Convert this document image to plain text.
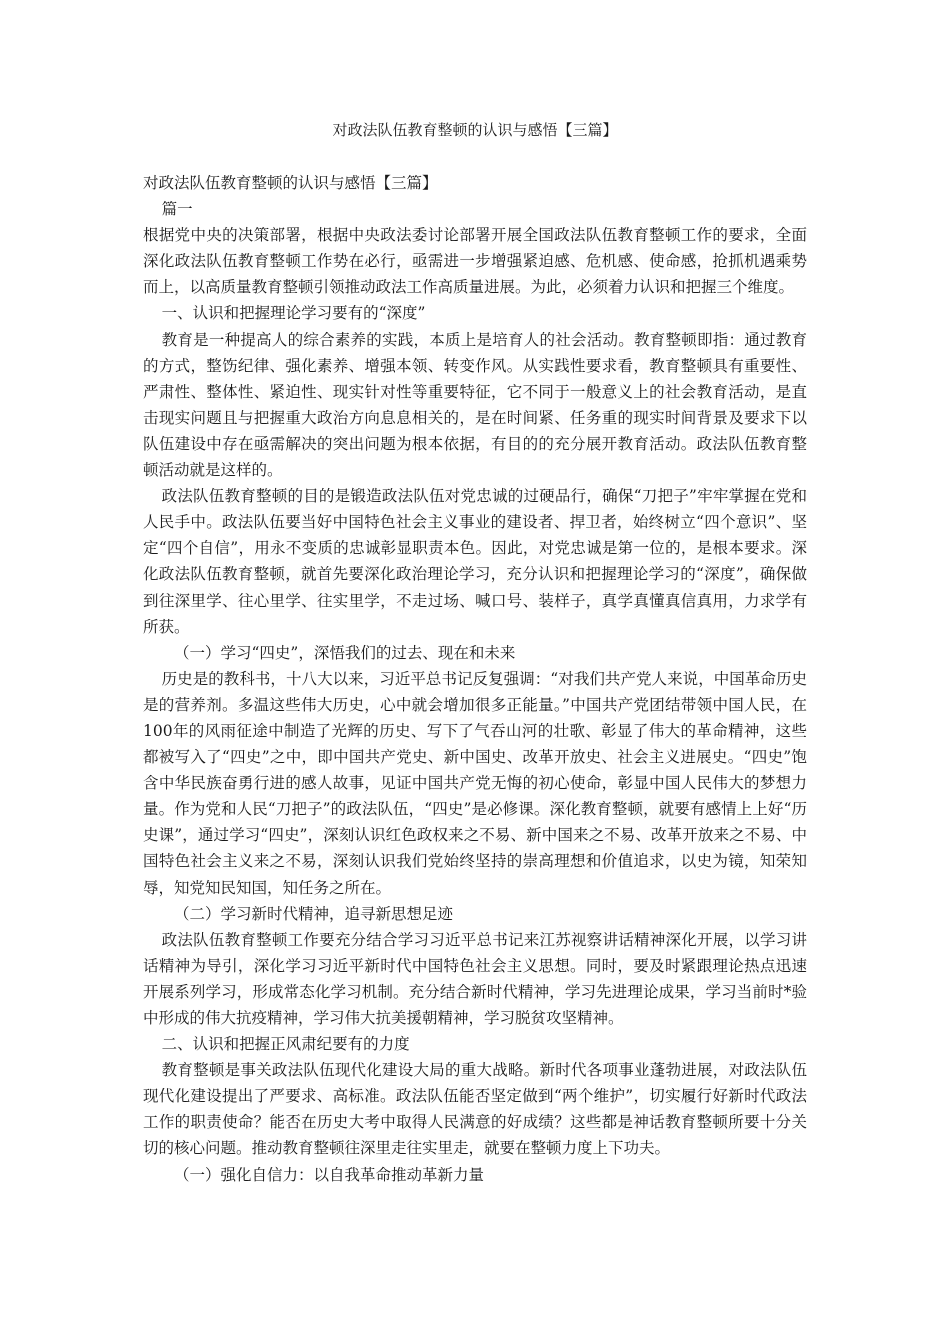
对政法队伍教育整顿的认识与感悟【三篇】

对政法队伍教育整顿的认识与感悟【三篇】

篇一

根据党中央的决策部署，根据中央政法委讨论部署开展全国政法队伍教育整顿工作的要求，全面深化政法队伍教育整顿工作势在必行，亟需进一步增强紧迫感、危机感、使命感，抢抓机遇乘势而上，以高质量教育整顿引领推动政法工作高质量进展。为此，必须着力认识和把握三个维度。

一、认识和把握理论学习要有的“深度”

教育是一种提高人的综合素养的实践，本质上是培育人的社会活动。教育整顿即指：通过教育的方式，整饬纪律、强化素养、增强本领、转变作风。从实践性要求看，教育整顿具有重要性、严肃性、整体性、紧迫性、现实针对性等重要特征，它不同于一般意义上的社会教育活动，是直击现实问题且与把握重大政治方向息息相关的，是在时间紧、任务重的现实时间背景及要求下以队伍建设中存在亟需解决的突出问题为根本依据，有目的的充分展开教育活动。政法队伍教育整顿活动就是这样的。

政法队伍教育整顿的目的是锻造政法队伍对党忠诚的过硬品行，确保“刀把子”牢牢掌握在党和人民手中。政法队伍要当好中国特色社会主义事业的建设者、捍卫者，始终树立“四个意识”、坚定“四个自信”，用永不变质的忠诚彰显职责本色。因此，对党忠诚是第一位的，是根本要求。深化政法队伍教育整顿，就首先要深化政治理论学习，充分认识和把握理论学习的“深度”，确保做到往深里学、往心里学、往实里学，不走过场、喊口号、装样子，真学真懂真信真用，力求学有所获。

（一）学习“四史”，深悟我们的过去、现在和未来

历史是的教科书，十八大以来，习近平总书记反复强调：“对我们共产党人来说，中国革命历史是的营养剂。多温这些伟大历史，心中就会增加很多正能量。”中国共产党团结带领中国人民，在100年的风雨征途中制造了光辉的历史、写下了气吞山河的壮歌、彰显了伟大的革命精神，这些都被写入了“四史”之中，即中国共产党史、新中国史、改革开放史、社会主义进展史。“四史”饱含中华民族奋勇行进的感人故事，见证中国共产党无悔的初心使命，彰显中国人民伟大的梦想力量。作为党和人民“刀把子”的政法队伍，“四史”是必修课。深化教育整顿，就要有感情上上好“历史课”，通过学习“四史”，深刻认识红色政权来之不易、新中国来之不易、改革开放来之不易、中国特色社会主义来之不易，深刻认识我们党始终坚持的崇高理想和价值追求，以史为镜，知荣知辱，知党知民知国，知任务之所在。

（二）学习新时代精神，追寻新思想足迹

政法队伍教育整顿工作要充分结合学习习近平总书记来江苏视察讲话精神深化开展，以学习讲话精神为导引，深化学习习近平新时代中国特色社会主义思想。同时，要及时紧跟理论热点迅速开展系列学习，形成常态化学习机制。充分结合新时代精神，学习先进理论成果，学习当前时*验中形成的伟大抗疫精神，学习伟大抗美援朝精神，学习脱贫攻坚精神。

二、认识和把握正风肃纪要有的力度

教育整顿是事关政法队伍现代化建设大局的重大战略。新时代各项事业蓬勃进展，对政法队伍现代化建设提出了严要求、高标准。政法队伍能否坚定做到“两个维护”，切实履行好新时代政法工作的职责使命？能否在历史大考中取得人民满意的好成绩？这些都是神话教育整顿所要十分关切的核心问题。推动教育整顿往深里走往实里走，就要在整顿力度上下功夫。

（一）强化自信力：以自我革命推动革新力量
